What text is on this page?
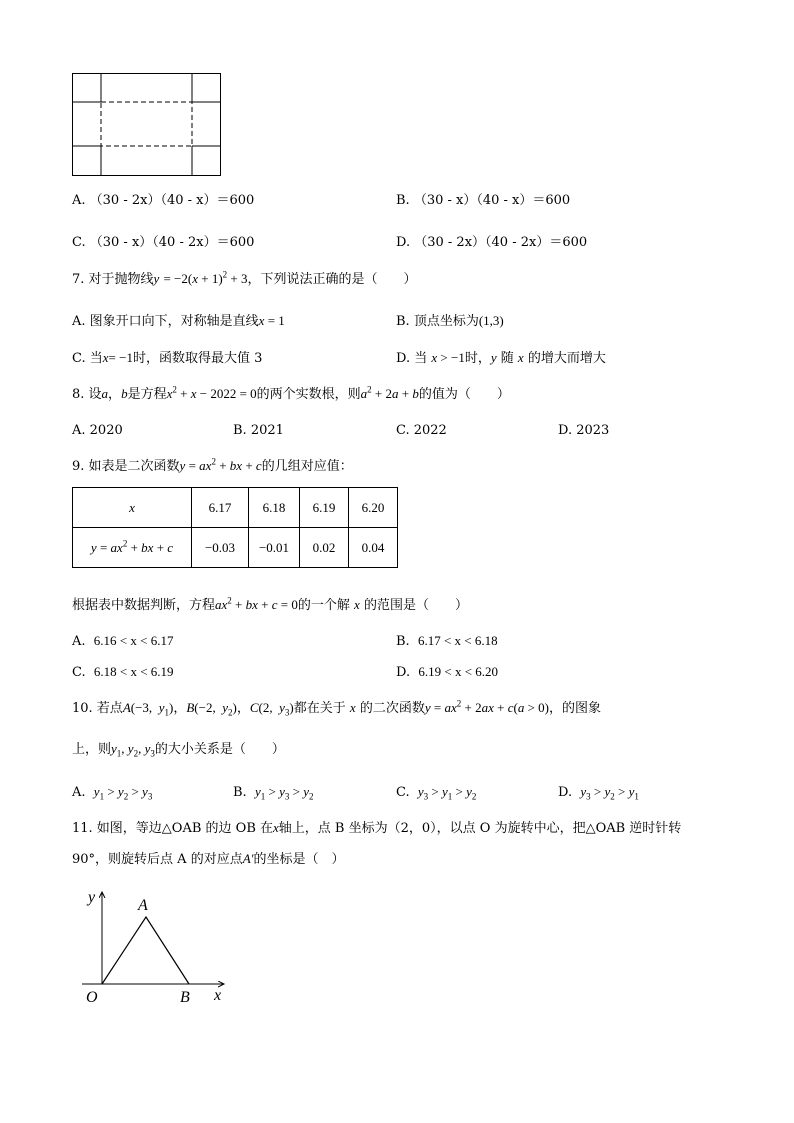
A. （30 - 2x）（40 - x）＝600	B. （30 - x）（40 - x）＝600
C. （30 - x）（40 - 2x）＝600	D. （30 - 2x）（40 - 2x）＝600
7. 对于抛物线$y = -2(x + 1)^2 + 3$，下列说法正确的是（　　）
A. 图象开口向下，对称轴是直线x = 1	B. 顶点坐标为(1,3)
C. 当x= −1时，函数取得最大值 3	D. 当 x > −1时，y 随 x 的增大而增大
8. 设a，b是方程$x^2 + x - 2022 = 0$的两个实数根，则$a^2 + 2a + b$的值为（　　）
A. 2020	B. 2021	C. 2022	D. 2023
9. 如表是二次函数$y = ax^2$ + bx + c的几组对应值：
x	6.17	6.18	6.19	6.20
$y = ax^2$ + bx + c	−0.03	−0.01	0.02	0.04
根据表中数据判断，方程$ax^2$ + bx + c = 0的一个解 x 的范围是（　　）
A.  6.16 < x < 6.17	B.  6.17 < x < 6.18
C.  6.18 < x < 6.19	D.  6.19 < x < 6.20
10. 若点A(−3,  $y_1$)，B(−2,  $y_2$)，C(2,  $y_3$)都在关于 x 的二次函数$y = ax^2 + 2ax + c(a > 0)$，的图象
上，则$y_1$, $y_2$, $y_3$的大小关系是（　　）
A.  $y_1 > y_2 > y_3$	B.  $y_1 > y_3 > y_2$	C.  $y_3 > y_1 > y_2$	D.  $y_3 > y_2 > y_1$
11. 如图，等边△OAB 的边 OB 在x轴上，点 B 坐标为（2，0），以点 O 为旋转中心，把△OAB 逆时针转
90°，则旋转后点 A 的对应点A′的坐标是（　）
y	A
O	B x
